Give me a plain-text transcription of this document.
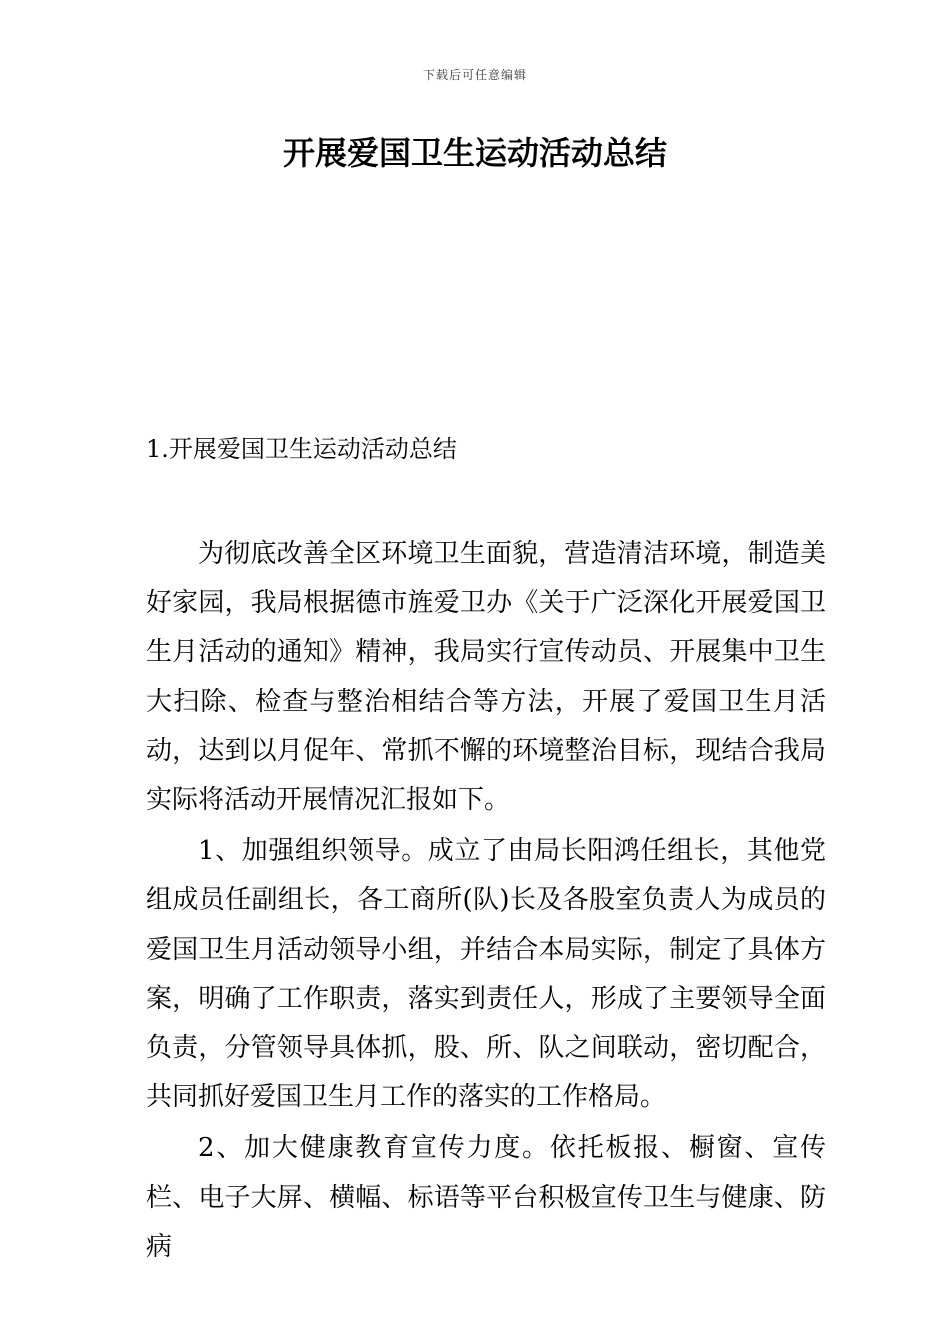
下载后可任意编辑
开展爱国卫生运动活动总结
1.开展爱国卫生运动活动总结

为彻底改善全区环境卫生面貌，营造清洁环境，制造美好家园，我局根据德市旌爱卫办《关于广泛深化开展爱国卫生月活动的通知》精神，我局实行宣传动员、开展集中卫生大扫除、检查与整治相结合等方法，开展了爱国卫生月活动，达到以月促年、常抓不懈的环境整治目标，现结合我局实际将活动开展情况汇报如下。

1、加强组织领导。成立了由局长阳鸿任组长，其他党组成员任副组长，各工商所(队)长及各股室负责人为成员的爱国卫生月活动领导小组，并结合本局实际，制定了具体方案，明确了工作职责，落实到责任人，形成了主要领导全面负责，分管领导具体抓，股、所、队之间联动，密切配合，共同抓好爱国卫生月工作的落实的工作格局。

2、加大健康教育宣传力度。依托板报、橱窗、宣传栏、电子大屏、横幅、标语等平台积极宣传卫生与健康、防病
